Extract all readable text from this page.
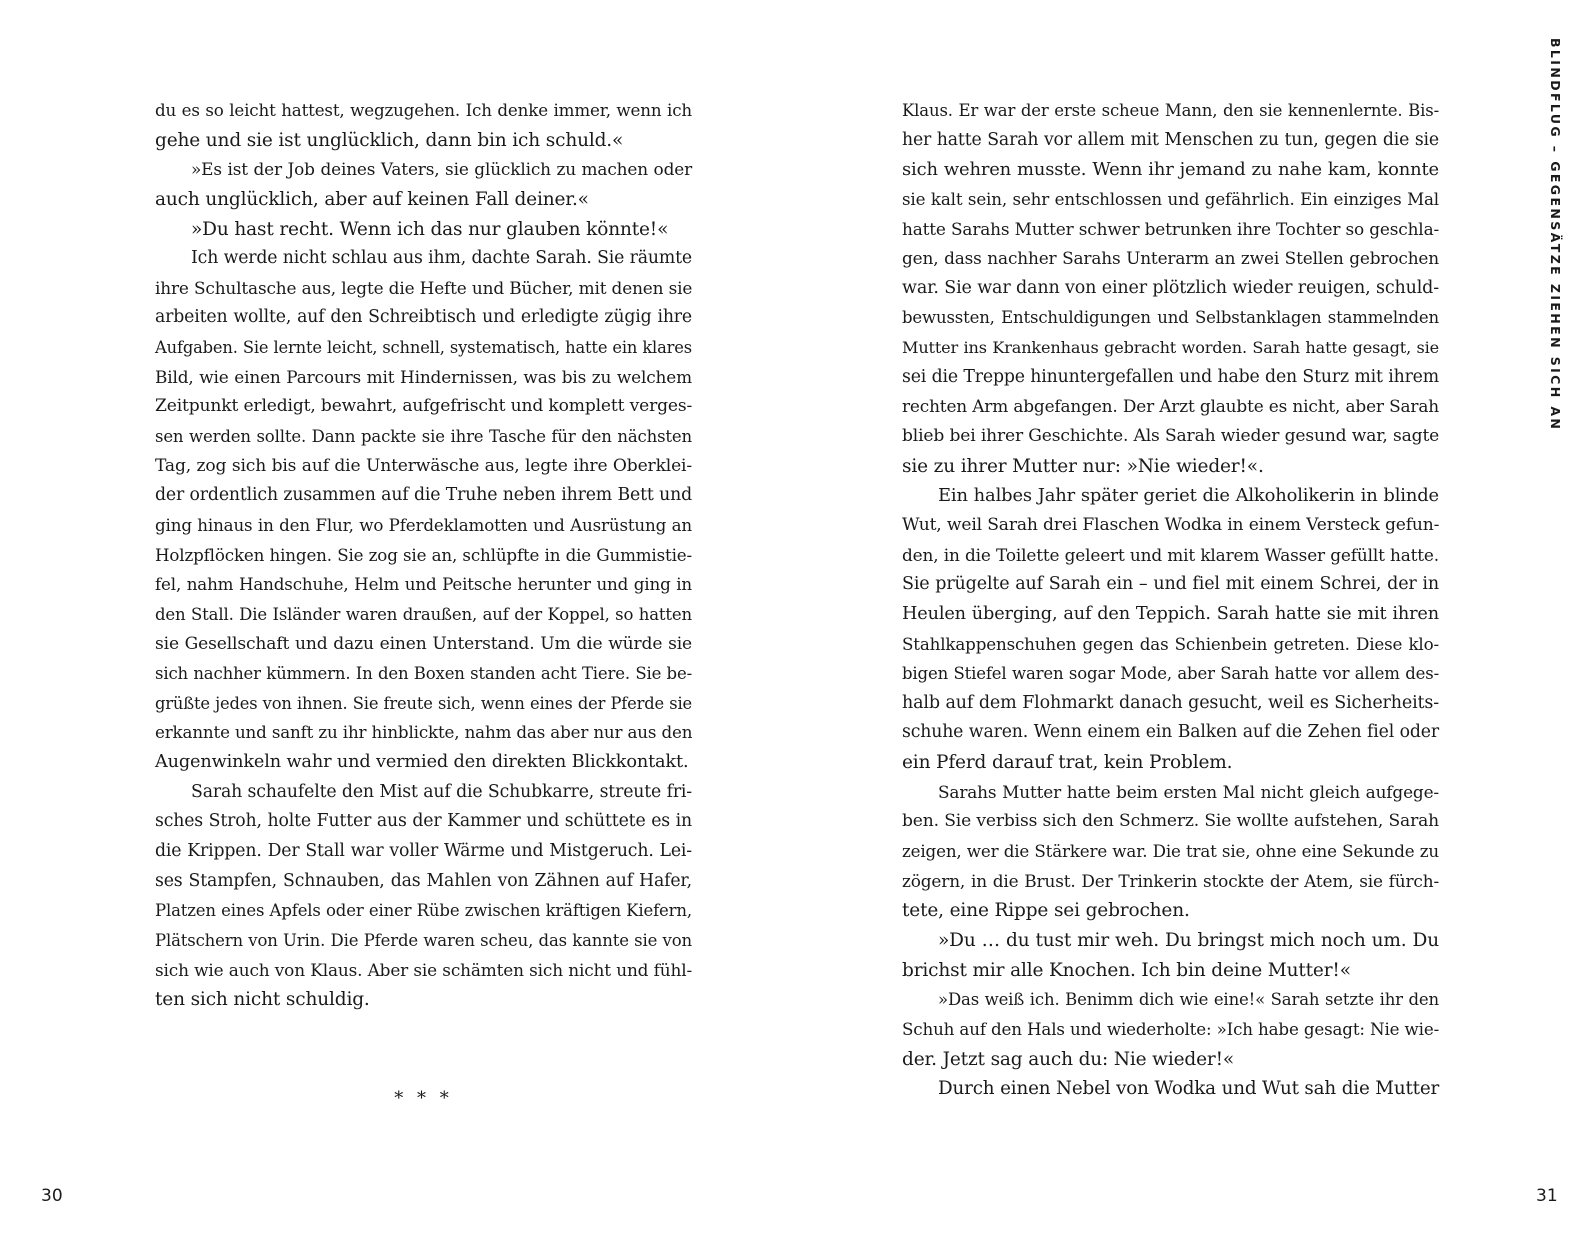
du es so leicht hattest, wegzugehen. Ich denke immer, wenn ich
gehe und sie ist unglücklich, dann bin ich schuld.«
»Es ist der Job deines Vaters, sie glücklich zu machen oder
auch unglücklich, aber auf keinen Fall deiner.«
»Du hast recht. Wenn ich das nur glauben könnte!«
Ich werde nicht schlau aus ihm, dachte Sarah. Sie räumte
ihre Schultasche aus, legte die Hefte und Bücher, mit denen sie
arbeiten wollte, auf den Schreibtisch und erledigte zügig ihre
Aufgaben. Sie lernte leicht, schnell, systematisch, hatte ein klares
Bild, wie einen Parcours mit Hindernissen, was bis zu welchem
Zeitpunkt erledigt, bewahrt, aufgefrischt und komplett verges-
sen werden sollte. Dann packte sie ihre Tasche für den nächsten
Tag, zog sich bis auf die Unterwäsche aus, legte ihre Oberklei-
der ordentlich zusammen auf die Truhe neben ihrem Bett und
ging hinaus in den Flur, wo Pferdeklamotten und Ausrüstung an
Holzpflöcken hingen. Sie zog sie an, schlüpfte in die Gummistie-
fel, nahm Handschuhe, Helm und Peitsche herunter und ging in
den Stall. Die Isländer waren draußen, auf der Koppel, so hatten
sie Gesellschaft und dazu einen Unterstand. Um die würde sie
sich nachher kümmern. In den Boxen standen acht Tiere. Sie be-
grüßte jedes von ihnen. Sie freute sich, wenn eines der Pferde sie
erkannte und sanft zu ihr hinblickte, nahm das aber nur aus den
Augenwinkeln wahr und vermied den direkten Blickkontakt.
Sarah schaufelte den Mist auf die Schubkarre, streute fri-
sches Stroh, holte Futter aus der Kammer und schüttete es in
die Krippen. Der Stall war voller Wärme und Mistgeruch. Lei-
ses Stampfen, Schnauben, das Mahlen von Zähnen auf Hafer,
Platzen eines Apfels oder einer Rübe zwischen kräftigen Kiefern,
Plätschern von Urin. Die Pferde waren scheu, das kannte sie von
sich wie auch von Klaus. Aber sie schämten sich nicht und fühl-
ten sich nicht schuldig.
* * *
Klaus. Er war der erste scheue Mann, den sie kennenlernte. Bis-
her hatte Sarah vor allem mit Menschen zu tun, gegen die sie
sich wehren musste. Wenn ihr jemand zu nahe kam, konnte
sie kalt sein, sehr entschlossen und gefährlich. Ein einziges Mal
hatte Sarahs Mutter schwer betrunken ihre Tochter so geschla-
gen, dass nachher Sarahs Unterarm an zwei Stellen gebrochen
war. Sie war dann von einer plötzlich wieder reuigen, schuld-
bewussten, Entschuldigungen und Selbstanklagen stammelnden
Mutter ins Krankenhaus gebracht worden. Sarah hatte gesagt, sie
sei die Treppe hinuntergefallen und habe den Sturz mit ihrem
rechten Arm abgefangen. Der Arzt glaubte es nicht, aber Sarah
blieb bei ihrer Geschichte. Als Sarah wieder gesund war, sagte
sie zu ihrer Mutter nur: »Nie wieder!«.
Ein halbes Jahr später geriet die Alkoholikerin in blinde
Wut, weil Sarah drei Flaschen Wodka in einem Versteck gefun-
den, in die Toilette geleert und mit klarem Wasser gefüllt hatte.
Sie prügelte auf Sarah ein – und fiel mit einem Schrei, der in
Heulen überging, auf den Teppich. Sarah hatte sie mit ihren
Stahlkappenschuhen gegen das Schienbein getreten. Diese klo-
bigen Stiefel waren sogar Mode, aber Sarah hatte vor allem des-
halb auf dem Flohmarkt danach gesucht, weil es Sicherheits-
schuhe waren. Wenn einem ein Balken auf die Zehen fiel oder
ein Pferd darauf trat, kein Problem.
Sarahs Mutter hatte beim ersten Mal nicht gleich aufgege-
ben. Sie verbiss sich den Schmerz. Sie wollte aufstehen, Sarah
zeigen, wer die Stärkere war. Die trat sie, ohne eine Sekunde zu
zögern, in die Brust. Der Trinkerin stockte der Atem, sie fürch-
tete, eine Rippe sei gebrochen.
»Du … du tust mir weh. Du bringst mich noch um. Du
brichst mir alle Knochen. Ich bin deine Mutter!«
»Das weiß ich. Benimm dich wie eine!« Sarah setzte ihr den
Schuh auf den Hals und wiederholte: »Ich habe gesagt: Nie wie-
der. Jetzt sag auch du: Nie wieder!«
Durch einen Nebel von Wodka und Wut sah die Mutter
BLINDFLUG – GEGENSÄTZE ZIEHEN SICH AN
30	31
